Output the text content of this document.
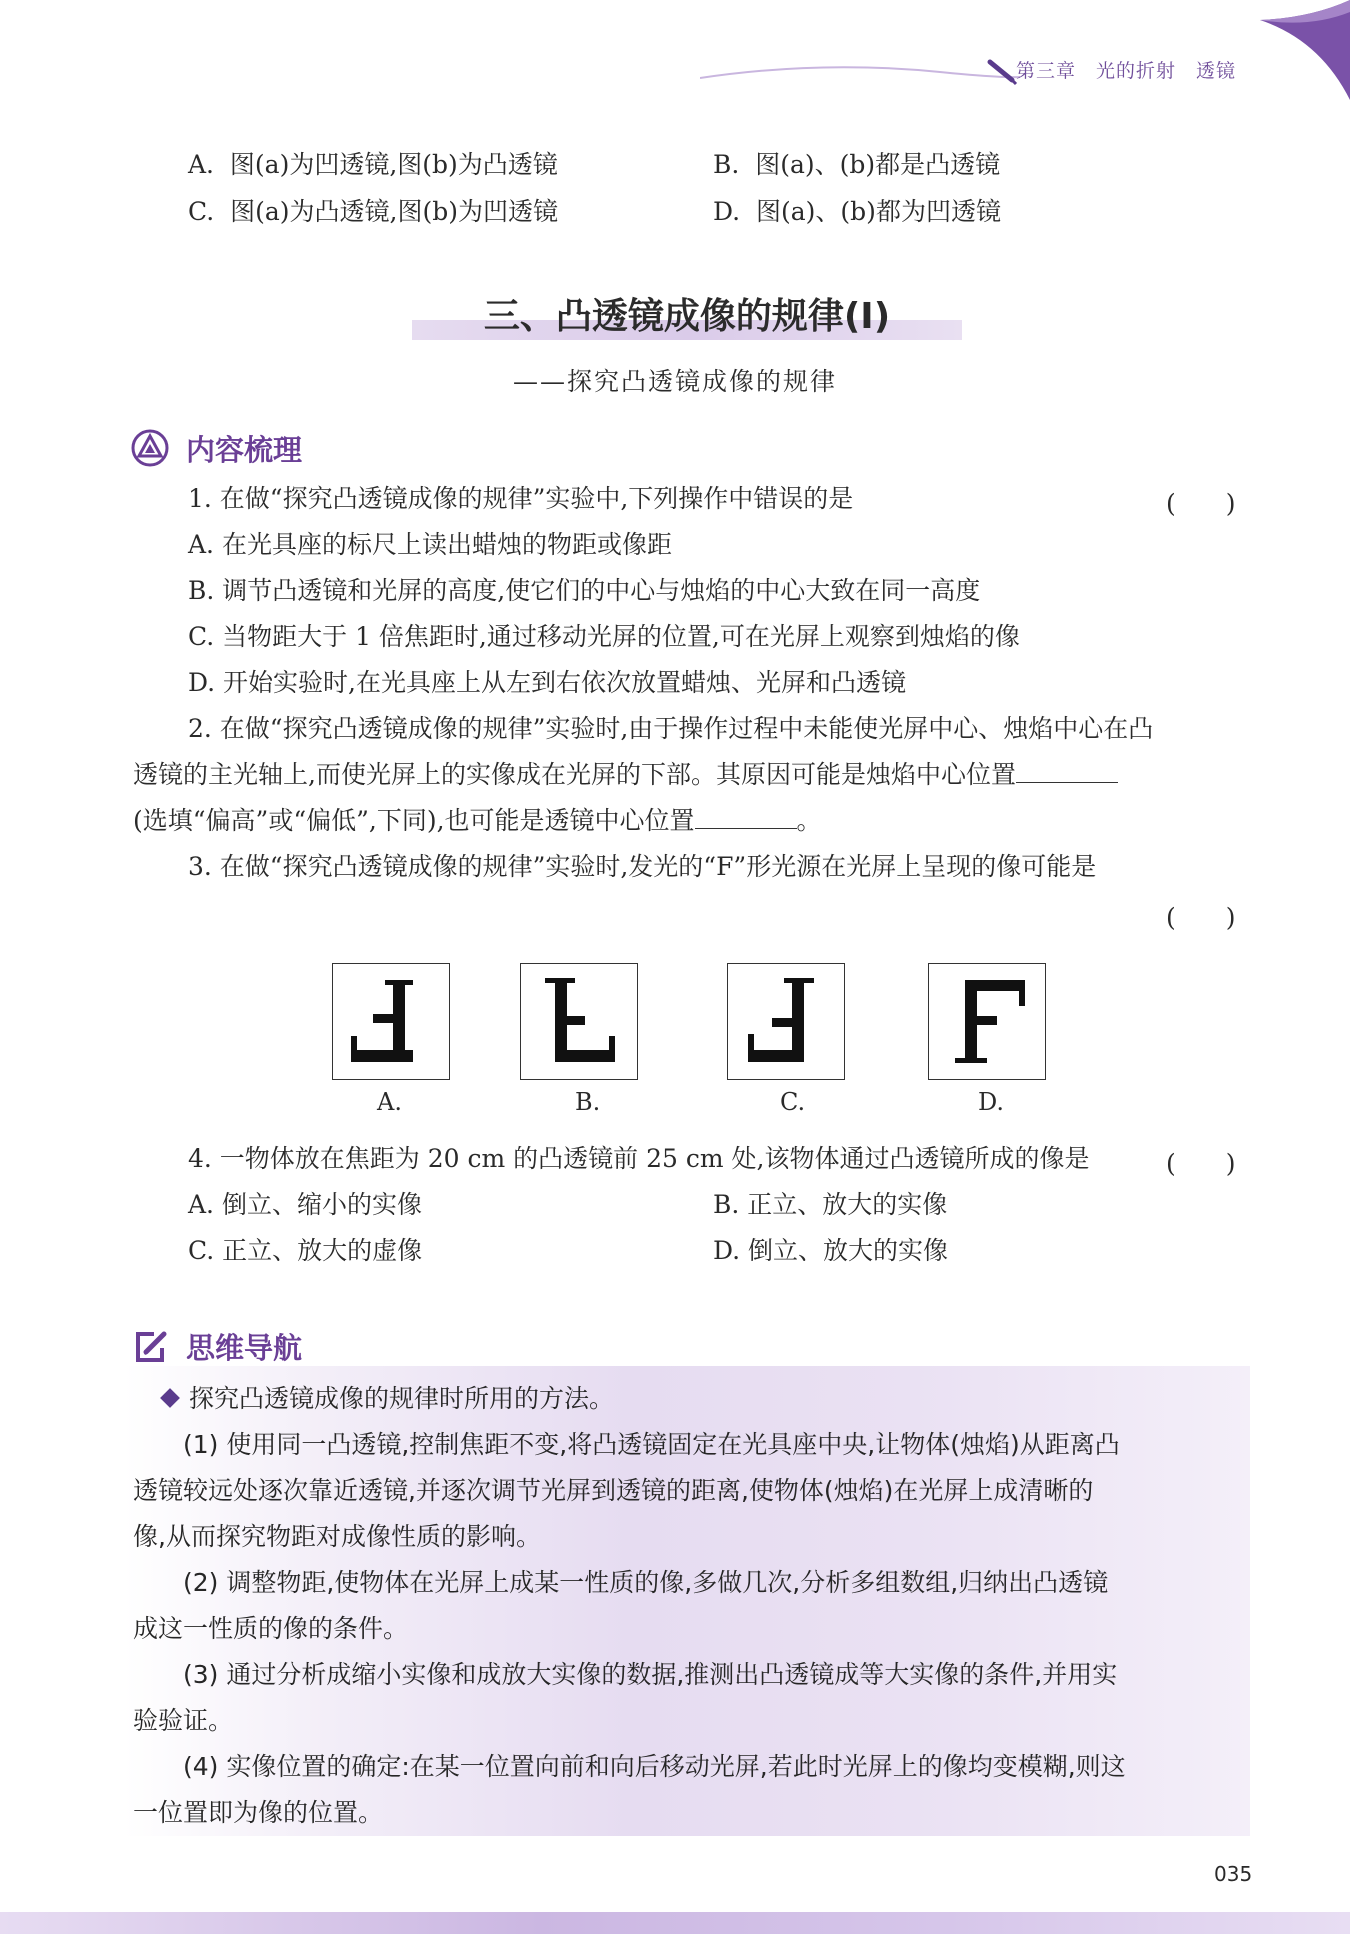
第三章 光的折射 透镜
A. 图(a)为凹透镜,图(b)为凸透镜	B. 图(a)、(b)都是凸透镜
C. 图(a)为凸透镜,图(b)为凹透镜	D. 图(a)、(b)都为凹透镜
三、凸透镜成像的规律(Ⅰ)
——探究凸透镜成像的规律
内容梳理
1. 在做“探究凸透镜成像的规律”实验中,下列操作中错误的是	(　　)
A. 在光具座的标尺上读出蜡烛的物距或像距
B. 调节凸透镜和光屏的高度,使它们的中心与烛焰的中心大致在同一高度
C. 当物距大于 1 倍焦距时,通过移动光屏的位置,可在光屏上观察到烛焰的像
D. 开始实验时,在光具座上从左到右依次放置蜡烛、光屏和凸透镜
2. 在做“探究凸透镜成像的规律”实验时,由于操作过程中未能使光屏中心、烛焰中心在凸
透镜的主光轴上,而使光屏上的实像成在光屏的下部。其原因可能是烛焰中心位置
(选填“偏高”或“偏低”,下同),也可能是透镜中心位置	。
3. 在做“探究凸透镜成像的规律”实验时,发光的“F”形光源在光屏上呈现的像可能是
(　　)
A.	B.	C.	D.
4. 一物体放在焦距为 20 cm 的凸透镜前 25 cm 处,该物体通过凸透镜所成的像是	(　　)
A. 倒立、缩小的实像	B. 正立、放大的实像
C. 正立、放大的虚像	D. 倒立、放大的实像
思维导航
探究凸透镜成像的规律时所用的方法。
(1) 使用同一凸透镜,控制焦距不变,将凸透镜固定在光具座中央,让物体(烛焰)从距离凸
透镜较远处逐次靠近透镜,并逐次调节光屏到透镜的距离,使物体(烛焰)在光屏上成清晰的
像,从而探究物距对成像性质的影响。
(2) 调整物距,使物体在光屏上成某一性质的像,多做几次,分析多组数组,归纳出凸透镜
成这一性质的像的条件。
(3) 通过分析成缩小实像和成放大实像的数据,推测出凸透镜成等大实像的条件,并用实
验验证。
(4) 实像位置的确定:在某一位置向前和向后移动光屏,若此时光屏上的像均变模糊,则这
一位置即为像的位置。
035
